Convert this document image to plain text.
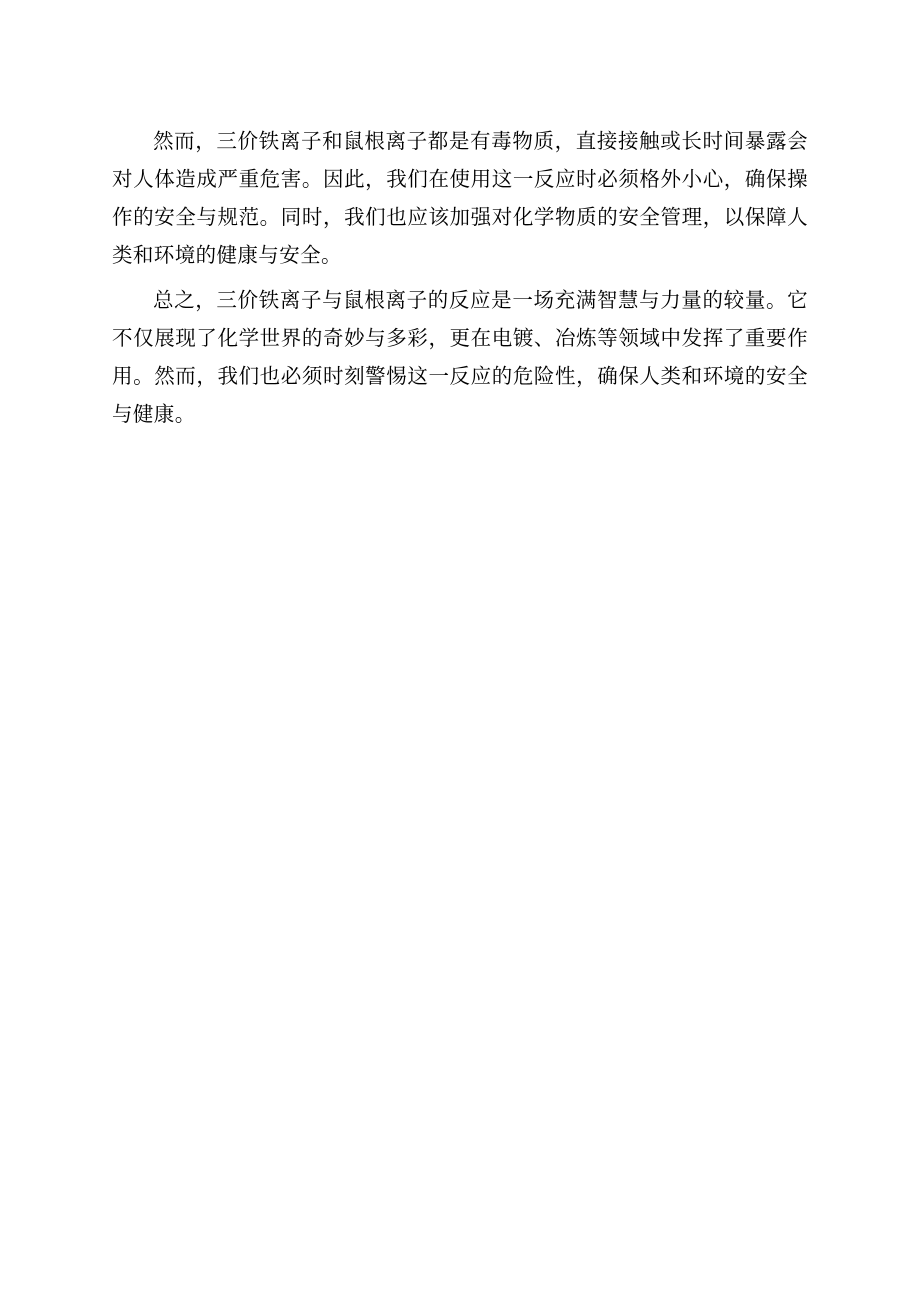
然而，三价铁离子和鼠根离子都是有毒物质，直接接触或长时间暴露会对人体造成严重危害。因此，我们在使用这一反应时必须格外小心，确保操作的安全与规范。同时，我们也应该加强对化学物质的安全管理，以保障人类和环境的健康与安全。

总之，三价铁离子与鼠根离子的反应是一场充满智慧与力量的较量。它不仅展现了化学世界的奇妙与多彩，更在电镀、冶炼等领域中发挥了重要作用。然而，我们也必须时刻警惕这一反应的危险性，确保人类和环境的安全与健康。
